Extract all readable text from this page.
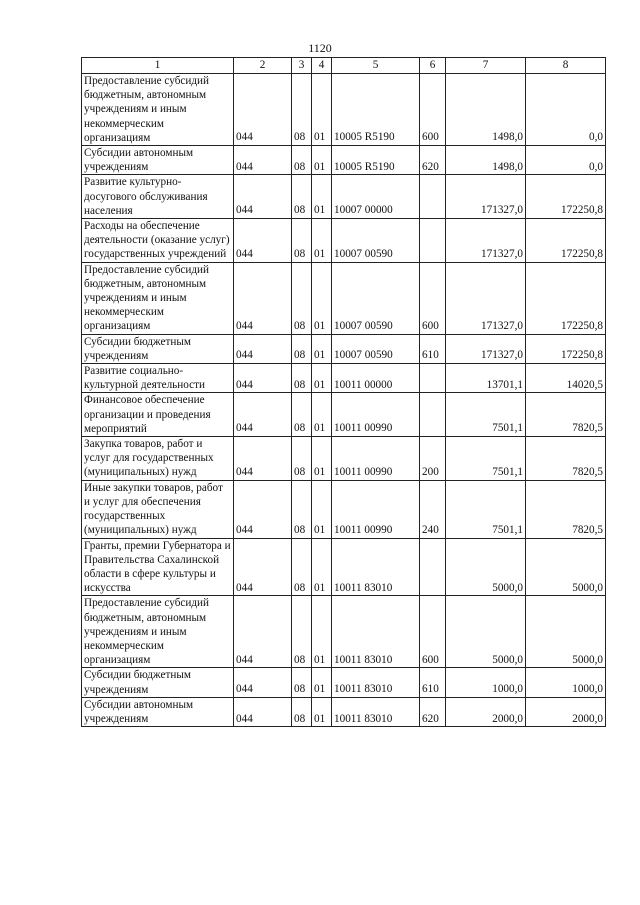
1120
1	2	3	4	5	6	7	8
Предоставление субсидий бюджетным, автономным учреждениям и иным некоммерческим организациям	044	08	01	10005 R5190	600	1498,0	0,0
Субсидии автономным учреждениям	044	08	01	10005 R5190	620	1498,0	0,0
Развитие культурно-досугового обслуживания населения	044	08	01	10007 00000		171327,0	172250,8
Расходы на обеспечение деятельности (оказание услуг) государственных учреждений	044	08	01	10007 00590		171327,0	172250,8
Предоставление субсидий бюджетным, автономным учреждениям и иным некоммерческим организациям	044	08	01	10007 00590	600	171327,0	172250,8
Субсидии бюджетным учреждениям	044	08	01	10007 00590	610	171327,0	172250,8
Развитие социально-культурной деятельности	044	08	01	10011 00000		13701,1	14020,5
Финансовое обеспечение организации и проведения мероприятий	044	08	01	10011 00990		7501,1	7820,5
Закупка товаров, работ и услуг для государственных (муниципальных) нужд	044	08	01	10011 00990	200	7501,1	7820,5
Иные закупки товаров, работ и услуг для обеспечения государственных (муниципальных) нужд	044	08	01	10011 00990	240	7501,1	7820,5
Гранты, премии Губернатора и Правительства Сахалинской области в сфере культуры и искусства	044	08	01	10011 83010		5000,0	5000,0
Предоставление субсидий бюджетным, автономным учреждениям и иным некоммерческим организациям	044	08	01	10011 83010	600	5000,0	5000,0
Субсидии бюджетным учреждениям	044	08	01	10011 83010	610	1000,0	1000,0
Субсидии автономным учреждениям	044	08	01	10011 83010	620	2000,0	2000,0
